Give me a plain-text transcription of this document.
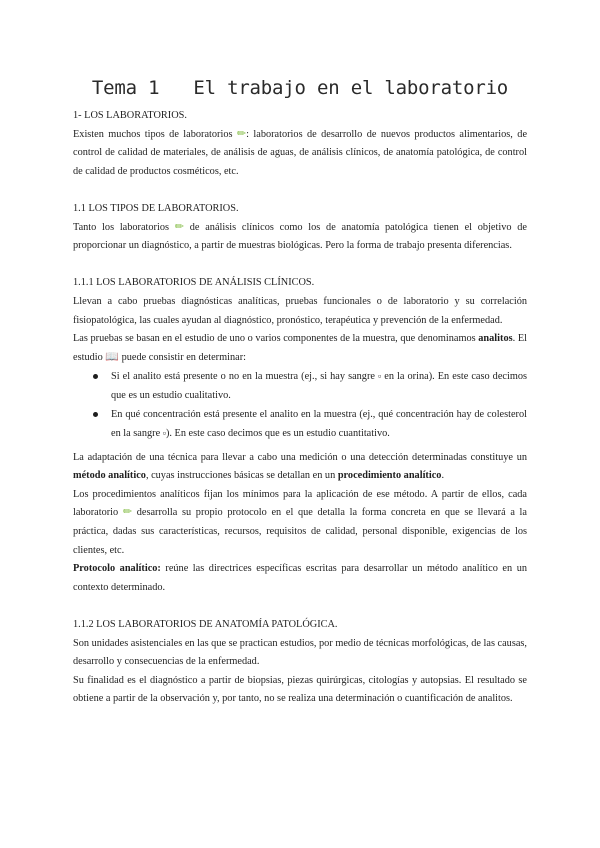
Tema 1 El trabajo en el laboratorio

1- LOS LABORATORIOS.

Existen muchos tipos de laboratorios ✏: laboratorios de desarrollo de nuevos productos alimentarios, de control de calidad de materiales, de análisis de aguas, de análisis clínicos, de anatomía patológica, de control de calidad de productos cosméticos, etc.

1.1 LOS TIPOS DE LABORATORIOS.

Tanto los laboratorios ✏ de análisis clínicos como los de anatomía patológica tienen el objetivo de proporcionar un diagnóstico, a partir de muestras biológicas. Pero la forma de trabajo presenta diferencias.

1.1.1 LOS LABORATORIOS DE ANÁLISIS CLÍNICOS.

Llevan a cabo pruebas diagnósticas analíticas, pruebas funcionales o de laboratorio y su correlación fisiopatológica, las cuales ayudan al diagnóstico, pronóstico, terapéutica y prevención de la enfermedad.

Las pruebas se basan en el estudio de uno o varios componentes de la muestra, que denominamos analitos. El estudio 📖 puede consistir en determinar:

Si el analito está presente o no en la muestra (ej., si hay sangre ▫ en la orina). En este caso decimos que es un estudio cualitativo.
En qué concentración está presente el analito en la muestra (ej., qué concentración hay de colesterol en la sangre ▫). En este caso decimos que es un estudio cuantitativo.

La adaptación de una técnica para llevar a cabo una medición o una detección determinadas constituye un método analítico, cuyas instrucciones básicas se detallan en un procedimiento analítico.

Los procedimientos analíticos fijan los mínimos para la aplicación de ese método. A partir de ellos, cada laboratorio ✏ desarrolla su propio protocolo en el que detalla la forma concreta en que se llevará a la práctica, dadas sus características, recursos, requisitos de calidad, personal disponible, exigencias de los clientes, etc.

Protocolo analítico: reúne las directrices específicas escritas para desarrollar un método analítico en un contexto determinado.

1.1.2 LOS LABORATORIOS DE ANATOMÍA PATOLÓGICA.

Son unidades asistenciales en las que se practican estudios, por medio de técnicas morfológicas, de las causas, desarrollo y consecuencias de la enfermedad.

Su finalidad es el diagnóstico a partir de biopsias, piezas quirúrgicas, citologías y autopsias. El resultado se obtiene a partir de la observación y, por tanto, no se realiza una determinación o cuantificación de analitos.
